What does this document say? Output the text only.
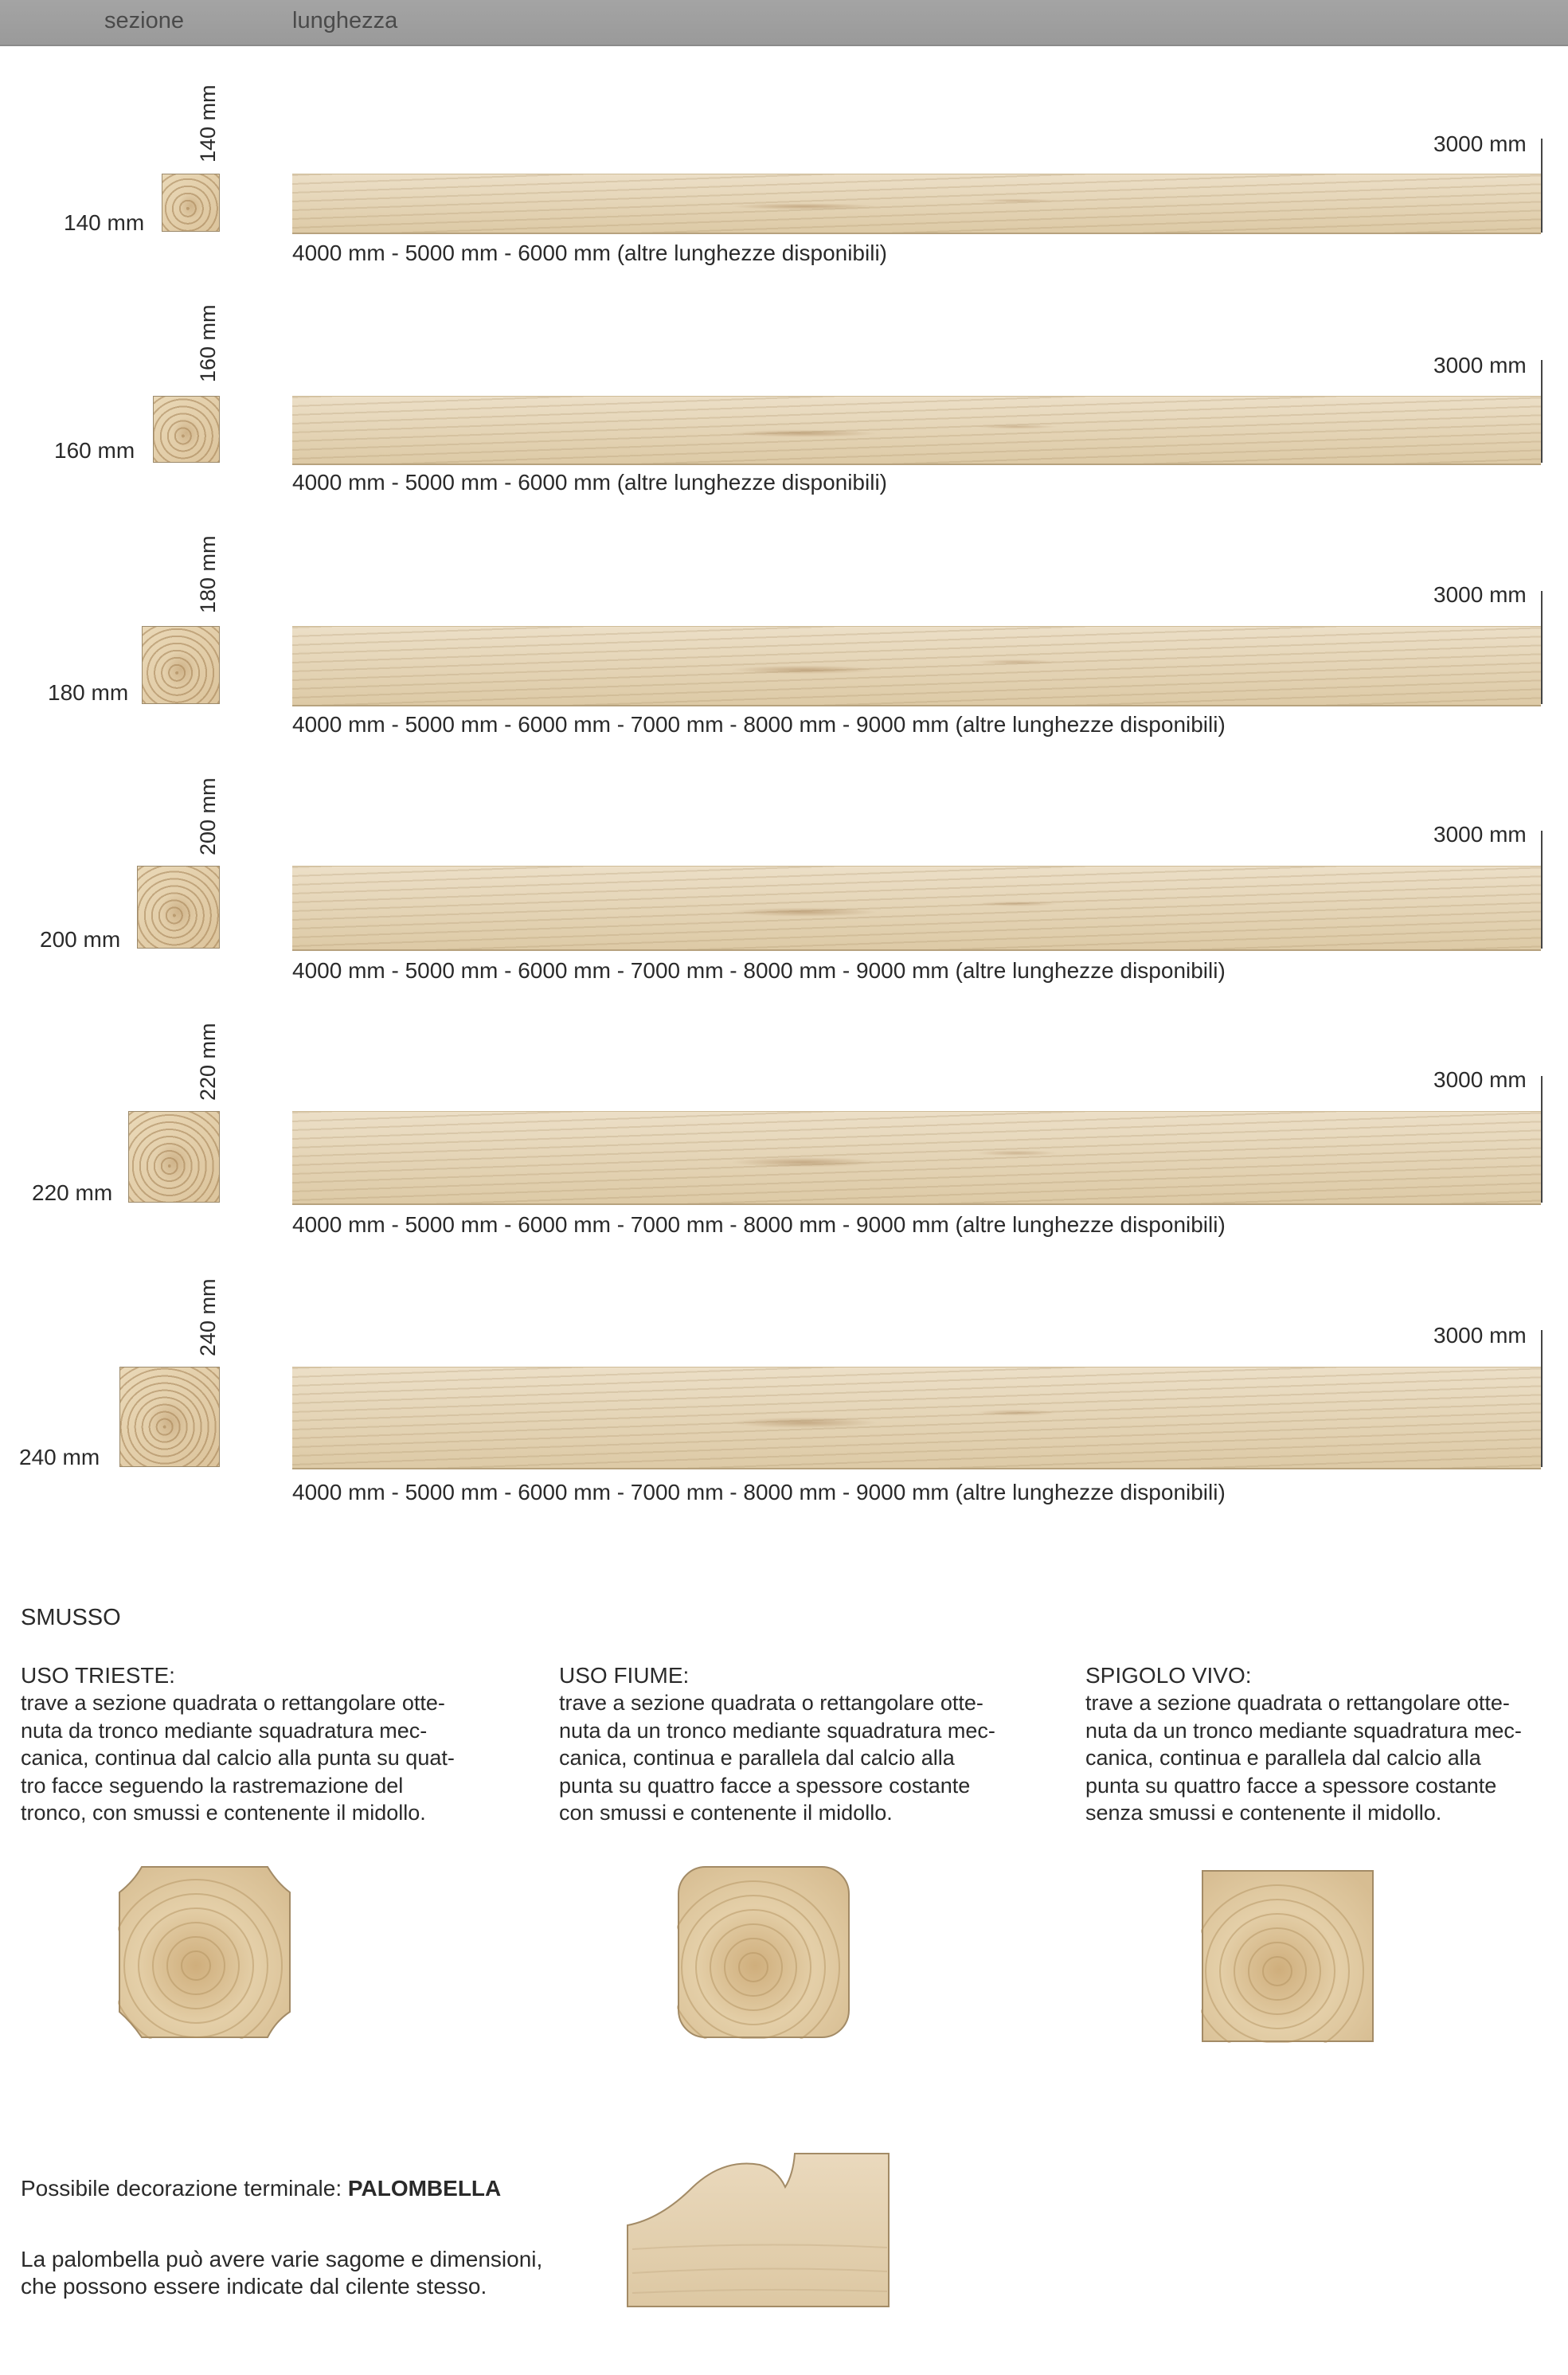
sezione	lunghezza
140 mm
140 mm
3000 mm
4000 mm - 5000 mm - 6000 mm (altre lunghezze disponibili)
160 mm
160 mm
3000 mm
4000 mm - 5000 mm - 6000 mm (altre lunghezze disponibili)
180 mm
180 mm
3000 mm
4000 mm - 5000 mm - 6000 mm - 7000 mm - 8000 mm - 9000 mm (altre lunghezze disponibili)
200 mm
200 mm
3000 mm
4000 mm - 5000 mm - 6000 mm - 7000 mm - 8000 mm - 9000 mm (altre lunghezze disponibili)
220 mm
220 mm
3000 mm
4000 mm - 5000 mm - 6000 mm - 7000 mm - 8000 mm - 9000 mm (altre lunghezze disponibili)
240 mm
240 mm
3000 mm
4000 mm - 5000 mm - 6000 mm - 7000 mm - 8000 mm - 9000 mm (altre lunghezze disponibili)
SMUSSO
USO TRIESTE:
trave a sezione quadrata o rettangolare otte-
nuta da tronco mediante squadratura mec-
canica, continua dal calcio alla punta su quat-
tro facce seguendo la rastremazione del
tronco, con smussi e contenente il midollo.
USO FIUME:
trave a sezione quadrata o rettangolare otte-
nuta da un tronco mediante squadratura mec-
canica, continua e parallela dal calcio alla
punta su quattro facce a spessore costante
con smussi e contenente il midollo.
SPIGOLO VIVO:
trave a sezione quadrata o rettangolare otte-
nuta da un tronco mediante squadratura mec-
canica, continua e parallela dal calcio alla
punta su quattro facce a spessore costante
senza smussi e contenente il midollo.
Possibile decorazione terminale: PALOMBELLA
La palombella può avere varie sagome e dimensioni,
che possono essere indicate dal cilente stesso.
